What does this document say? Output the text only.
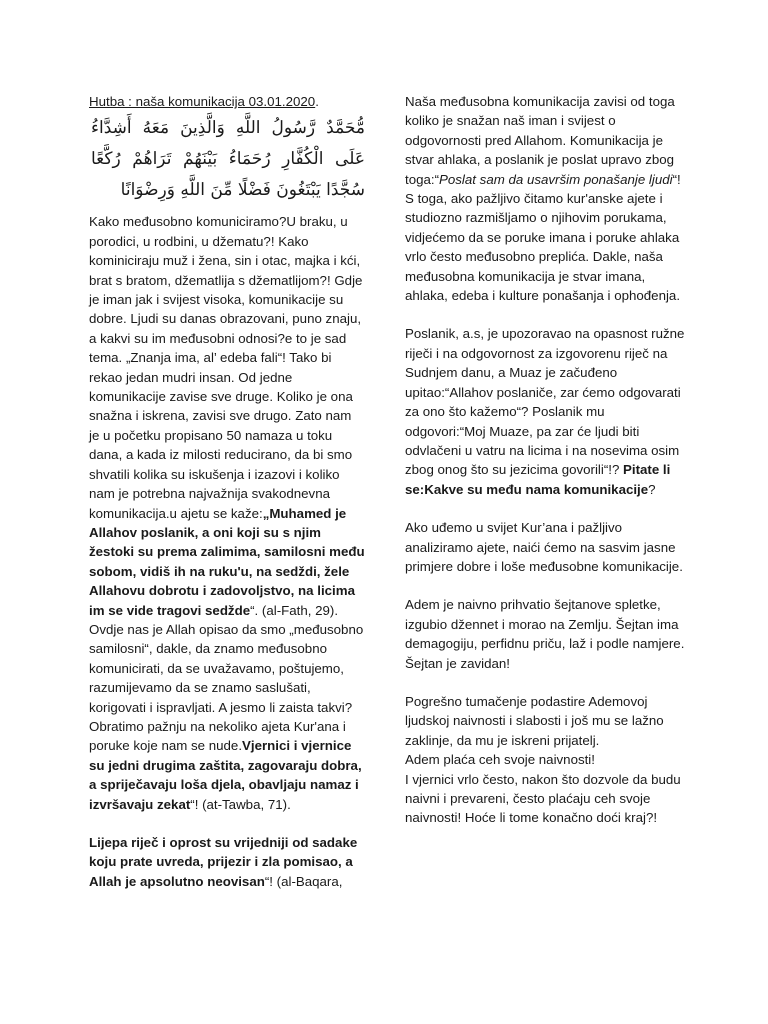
Hutba : naša komunikacija 03.01.2020.

مُّحَمَّدٌ رَّسُولُ اللَّهِ وَالَّذِينَ مَعَهُ أَشِدَّاءُ عَلَى الْكُفَّارِ رُحَمَاءُ بَيْنَهُمْ تَرَاهُمْ رُكَّعًا سُجَّدًا يَبْتَغُونَ فَضْلًا مِّنَ اللَّهِ وَرِضْوَانًا

Kako međusobno komuniciramo?U braku, u porodici, u rodbini, u džematu?! Kako kominiciraju muž i žena, sin i otac, majka i kći, brat s bratom, džematlija s džematlijom?! Gdje je iman jak i svijest visoka, komunikacije su dobre. Ljudi su danas obrazovani, puno znaju, a kakvi su im međusobni odnosi?e to je sad tema. „Znanja ima, al’ edeba fali“! Tako bi rekao jedan mudri insan. Od jedne komunikacije zavise sve druge. Koliko je ona snažna i iskrena, zavisi sve drugo. Zato nam je u početku propisano 50 namaza u toku dana, a kada iz milosti reducirano, da bi smo shvatili kolika su iskušenja i izazovi i koliko nam je potrebna najvažnija svakodnevna komunikacija.u ajetu se kaže:„Muhamed je Allahov poslanik, a oni koji su s njim žestoki su prema zalimima, samilosni među sobom, vidiš ih na ruku'u, na sedždi, žele Allahovu dobrotu i zadovoljstvo, na licima im se vide tragovi sedžde“. (al-Fath, 29). Ovdje nas je Allah opisao da smo „međusobno samilosni“, dakle, da znamo međusobno komunicirati, da se uvažavamo, poštujemo, razumijevamo da se znamo saslušati, korigovati i ispravljati. A jesmo li zaista takvi? Obratimo pažnju na nekoliko ajeta Kur'ana i poruke koje nam se nude.Vjernici i vjernice su jedni drugima zaštita, zagovaraju dobra, a spriječavaju loša djela, obavljaju namaz i izvršavaju zekat“! (at-Tawba, 71).

Lijepa riječ i oprost su vrijedniji od sadake koju prate uvreda, prijezir i zla pomisao, a Allah je apsolutno neovisan“! (al-Baqara,

Naša međusobna komunikacija zavisi od toga koliko je snažan naš iman i svijest o odgovornosti pred Allahom. Komunikacija je stvar ahlaka, a poslanik je poslat upravo zbog toga:“Poslat sam da usavršim ponašanje ljudi“! S toga, ako pažljivo čitamo kur'anske ajete i studiozno razmišljamo o njihovim porukama, vidjećemo da se poruke imana i poruke ahlaka vrlo često međusobno preplića. Dakle, naša međusobna komunikacija je stvar imana, ahlaka, edeba i kulture ponašanja i ophođenja.

Poslanik, a.s, je upozoravao na opasnost ružne riječi i na odgovornost za izgovorenu riječ na Sudnjem danu, a Muaz je začuđeno upitao:“Allahov poslaniče, zar ćemo odgovarati za ono što kažemo“? Poslanik mu odgovori:“Moj Muaze, pa zar će ljudi biti odvlačeni u vatru na licima i na nosevima osim zbog onog što su jezicima govorili“!? Pitate li se:Kakve su među nama komunikacije?

Ako uđemo u svijet Kur’ana i pažljivo analiziramo ajete, naići ćemo na sasvim jasne primjere dobre i loše međusobne komunikacije.

Adem je naivno prihvatio šejtanove spletke, izgubio džennet i morao na Zemlju. Šejtan ima demagogiju, perfidnu priču, laž i podle namjere. Šejtan je zavidan!

Pogrešno tumačenje podastire Ademovoj ljudskoj naivnosti i slabosti i još mu se lažno zaklinje, da mu je iskreni prijatelj.
Adem plaća ceh svoje naivnosti!
I vjernici vrlo često, nakon što dozvole da budu naivni i prevareni, često plaćaju ceh svoje naivnosti! Hoće li tome konačno doći kraj?!
